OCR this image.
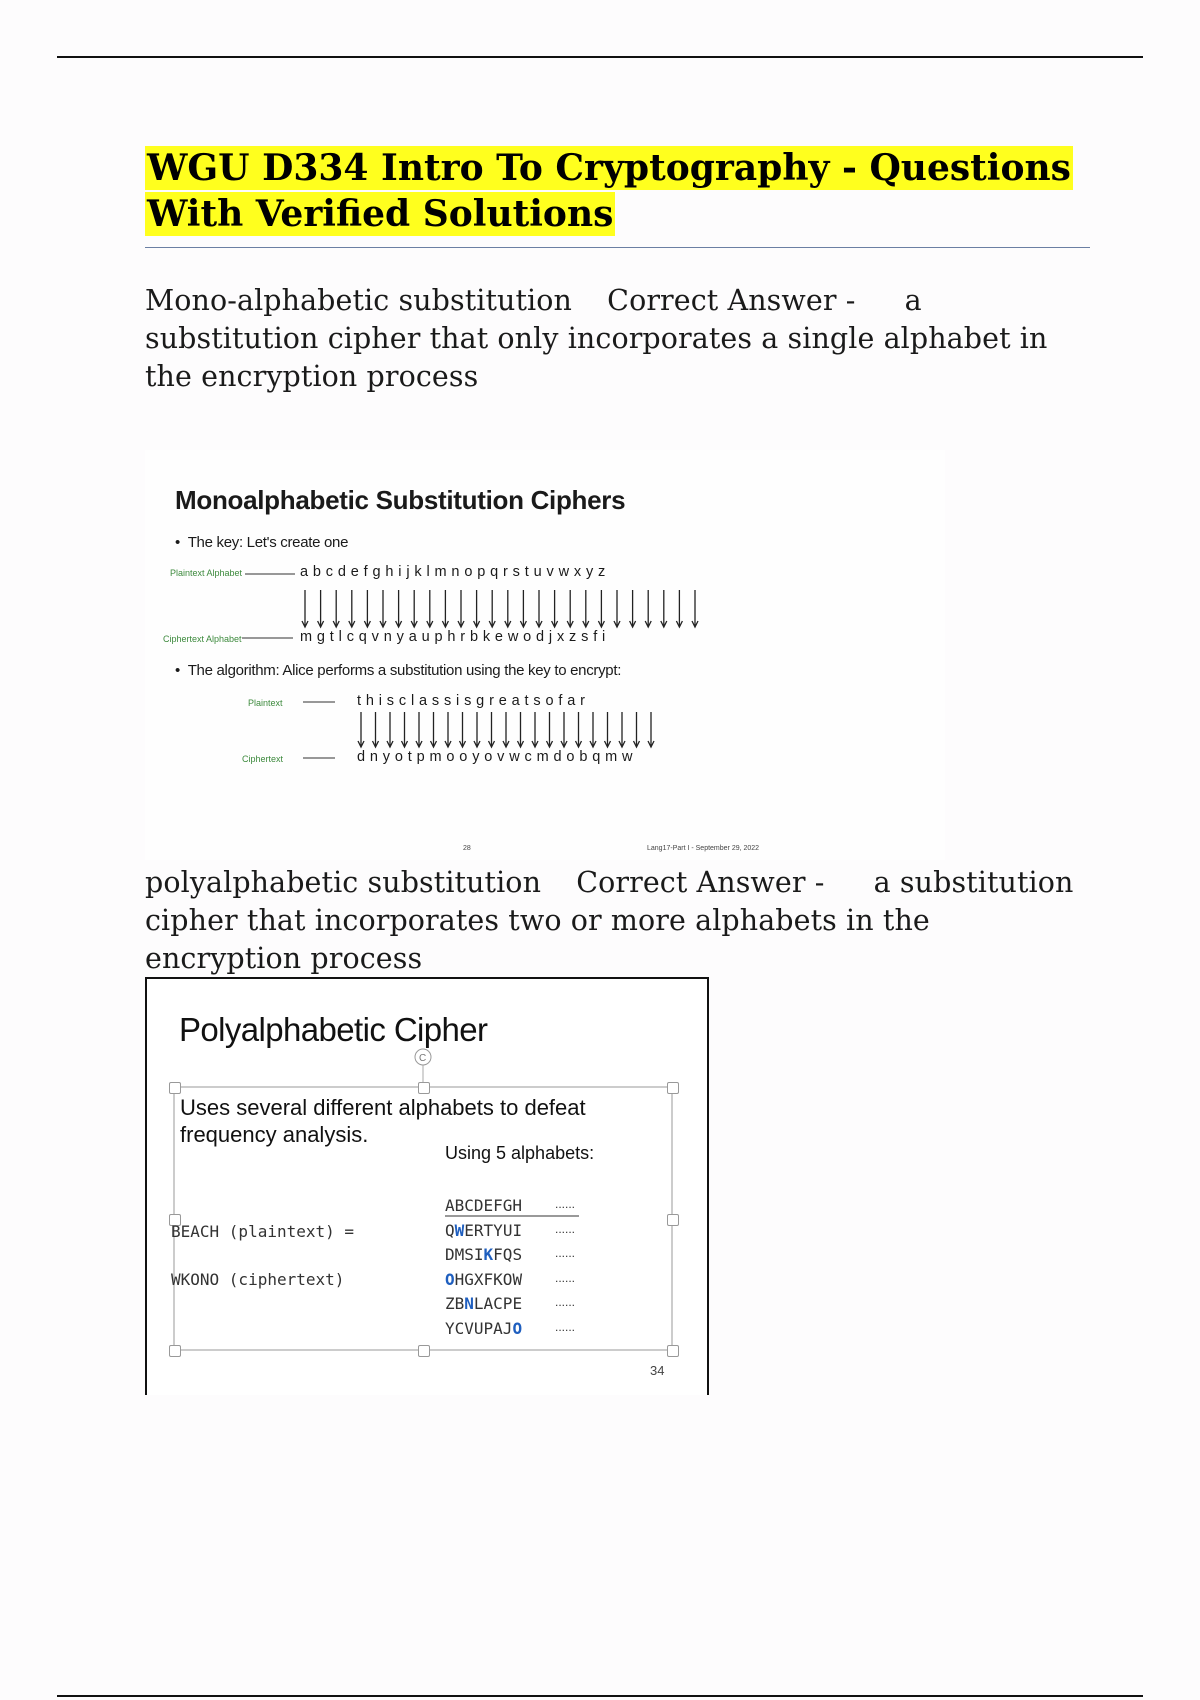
WGU D334 Intro To Cryptography - Questions
With Verified Solutions
Mono-alphabetic substitution Correct Answer - a substitution cipher that only incorporates a single alphabet in the encryption process
Monoalphabetic Substitution Ciphers
•  The key: Let's create one
Plaintext Alphabet	a b c d e f g h i j k l m n o p q r s t u v w x y z
Ciphertext Alphabet	m g t l c q v n y a u p h r b k e w o d j x z s f i
•  The algorithm: Alice performs a substitution using the key to encrypt:
Plaintext	t h i s c l a s s i s g r e a t s o f a r
Ciphertext	d n y o t p m o o y o v w c m d o b q m w
28	Lang17-Part I - September 29, 2022
polyalphabetic substitution Correct Answer - a substitution cipher that incorporates two or more alphabets in the encryption process
Polyalphabetic Cipher
C
Uses several different alphabets to defeat
frequency analysis.
Using 5 alphabets:
BEACH (plaintext) =
WKONO (ciphertext)
34
ABCDEFGH	......
QWERTYUI	......
DMSIKFQS	......
OHGXFKOW	......
ZBNLACPE	......
YCVUPAJO	......
